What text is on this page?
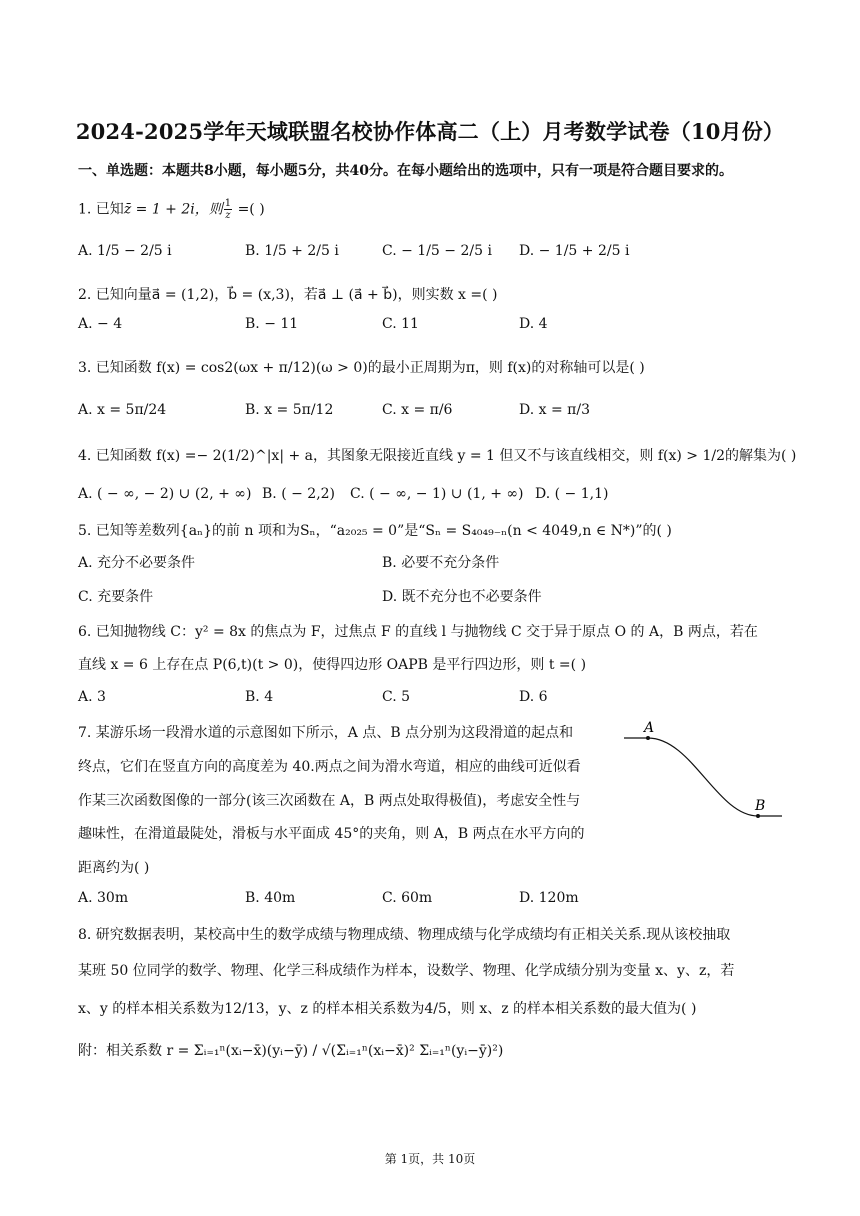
2024-2025学年天域联盟名校协作体高二（上）月考数学试卷（10月份）
一、单选题：本题共8小题，每小题5分，共40分。在每小题给出的选项中，只有一项是符合题目要求的。
1. 已知z̄ = 1 + 2i，则 $\frac{1}{z}$ =( )
A. 1/5 − 2/5 i	B. 1/5 + 2/5 i	C. − 1/5 − 2/5 i D. − 1/5 + 2/5 i
2. 已知向量a⃗ = (1,2)，b⃗ = (x,3)，若a⃗ ⊥ (a⃗ + b⃗)，则实数 x =( )
A. − 4	B. − 11	C. 11	D. 4
3. 已知函数 f(x) = cos2(ωx + π/12)(ω > 0)的最小正周期为π，则 f(x)的对称轴可以是( )
A. x = 5π/24	B. x = 5π/12	C. x = π/6	D. x = π/3
4. 已知函数 f(x) =− 2(1/2)^|x| + a，其图象无限接近直线 y = 1 但又不与该直线相交，则 f(x) > 1/2的解集为( )
A. ( − ∞, − 2) ∪ (2, + ∞) B. ( − 2,2) C. ( − ∞, − 1) ∪ (1, + ∞) D. ( − 1,1)
5. 已知等差数列{aₙ}的前 n 项和为Sₙ，“a₂₀₂₅ = 0”是“Sₙ = S₄₀₄₉₋ₙ(n < 4049,n ∈ N*)”的( )
A. 充分不必要条件	B. 必要不充分条件
C. 充要条件	D. 既不充分也不必要条件
6. 已知抛物线 C：y² = 8x 的焦点为 F，过焦点 F 的直线 l 与抛物线 C 交于异于原点 O 的 A，B 两点，若在
直线 x = 6 上存在点 P(6,t)(t > 0)，使得四边形 OAPB 是平行四边形，则 t =( )
A. 3	B. 4	C. 5	D. 6
7. 某游乐场一段滑水道的示意图如下所示，A 点、B 点分别为这段滑道的起点和
终点，它们在竖直方向的高度差为 40.两点之间为滑水弯道，相应的曲线可近似看
作某三次函数图像的一部分(该三次函数在 A，B 两点处取得极值)，考虑安全性与
趣味性，在滑道最陡处，滑板与水平面成 45°的夹角，则 A，B 两点在水平方向的
距离约为( )
A
B
A. 30m	B. 40m	C. 60m	D. 120m
8. 研究数据表明，某校高中生的数学成绩与物理成绩、物理成绩与化学成绩均有正相关关系.现从该校抽取
某班 50 位同学的数学、物理、化学三科成绩作为样本，设数学、物理、化学成绩分别为变量 x、y、z，若
x、y 的样本相关系数为12/13，y、z 的样本相关系数为4/5，则 x、z 的样本相关系数的最大值为( )
附：相关系数 r = Σᵢ₌₁ⁿ(xᵢ−x̄)(yᵢ−ȳ) / √(Σᵢ₌₁ⁿ(xᵢ−x̄)² Σᵢ₌₁ⁿ(yᵢ−ȳ)²)
第 1页，共 10页
